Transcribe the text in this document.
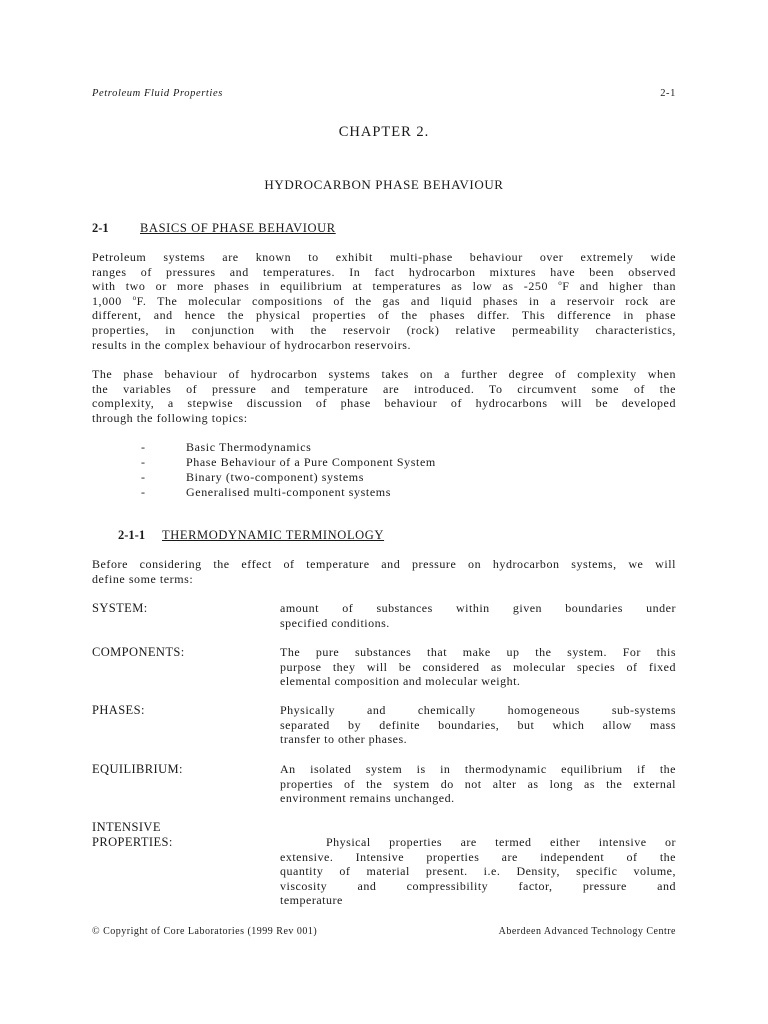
Petroleum Fluid Properties	2-1
CHAPTER 2.
HYDROCARBON PHASE BEHAVIOUR
2-1	BASICS OF PHASE BEHAVIOUR
Petroleum systems are known to exhibit multi-phase behaviour over extremely wide
ranges of pressures and temperatures. In fact hydrocarbon mixtures have been observed
with two or more phases in equilibrium at temperatures as low as -250 $^o$F and higher than
1,000 $^o$F. The molecular compositions of the gas and liquid phases in a reservoir rock are
different, and hence the physical properties of the phases differ. This difference in phase
properties, in conjunction with the reservoir (rock) relative permeability characteristics,
results in the complex behaviour of hydrocarbon reservoirs.
The phase behaviour of hydrocarbon systems takes on a further degree of complexity when
the variables of pressure and temperature are introduced. To circumvent some of the
complexity, a stepwise discussion of phase behaviour of hydrocarbons will be developed
through the following topics:
-	Basic Thermodynamics
-	Phase Behaviour of a Pure Component System
-	Binary (two-component) systems
-	Generalised multi-component systems
2-1-1 THERMODYNAMIC TERMINOLOGY
Before considering the effect of temperature and pressure on hydrocarbon systems, we will
define some terms:
SYSTEM:	amount of substances within given boundaries under
specified conditions.
COMPONENTS:	The pure substances that make up the system. For this
purpose they will be considered as molecular species of fixed
elemental composition and molecular weight.
PHASES:	Physically and chemically homogeneous sub-systems
separated by definite boundaries, but which allow mass
transfer to other phases.
EQUILIBRIUM:	An isolated system is in thermodynamic equilibrium if the
properties of the system do not alter as long as the external
environment remains unchanged.
INTENSIVE
PROPERTIES:	Physical properties are termed either intensive or
extensive. Intensive properties are independent of the
quantity of material present. i.e. Density, specific volume,
viscosity and compressibility factor, pressure and
temperature
© Copyright of Core Laboratories (1999 Rev 001)	Aberdeen Advanced Technology Centre
